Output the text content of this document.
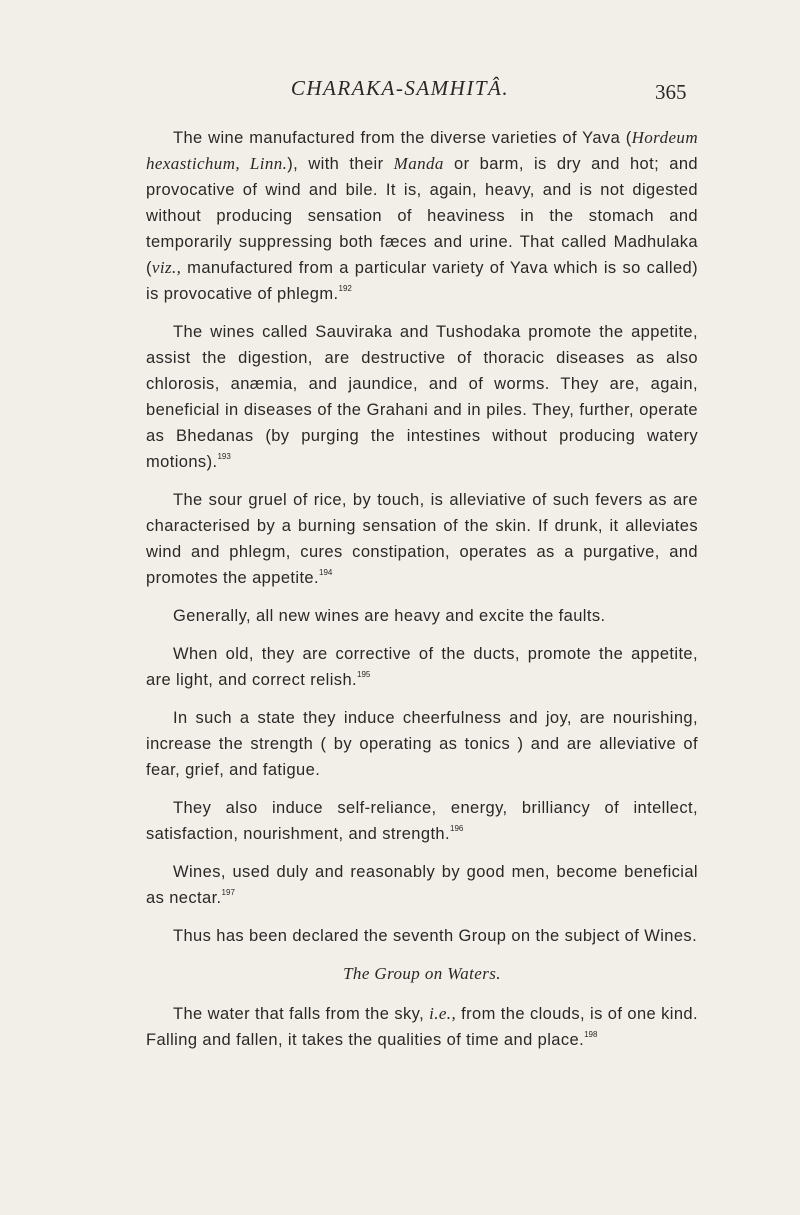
CHARAKA-SAMHITÂ.	365

The wine manufactured from the diverse varieties of Yava (Hordeum hexastichum, Linn.), with their Manda or barm, is dry and hot; and provocative of wind and bile. It is, again, heavy, and is not digested without producing sensation of heaviness in the stomach and temporarily suppressing both fæces and urine. That called Madhulaka (viz., manufactured from a particular variety of Yava which is so called) is provocative of phlegm.$^{192}$

The wines called Sauviraka and Tushodaka promote the appetite, assist the digestion, are destructive of thoracic diseases as also chlorosis, anæmia, and jaundice, and of worms. They are, again, beneficial in diseases of the Grahani and in piles. They, further, operate as Bhedanas (by purging the intestines without producing watery motions).$^{193}$

The sour gruel of rice, by touch, is alleviative of such fevers as are characterised by a burning sensation of the skin. If drunk, it alleviates wind and phlegm, cures constipation, operates as a purgative, and promotes the appetite.$^{194}$

Generally, all new wines are heavy and excite the faults.

When old, they are corrective of the ducts, promote the appetite, are light, and correct relish.$^{195}$

In such a state they induce cheerfulness and joy, are nourishing, increase the strength ( by operating as tonics ) and are alleviative of fear, grief, and fatigue.

They also induce self-reliance, energy, brilliancy of intellect, satisfaction, nourishment, and strength.$^{196}$

Wines, used duly and reasonably by good men, become beneficial as nectar.$^{197}$

Thus has been declared the seventh Group on the subject of Wines.

The Group on Waters.

The water that falls from the sky, i.e., from the clouds, is of one kind. Falling and fallen, it takes the qualities of time and place.$^{198}$
